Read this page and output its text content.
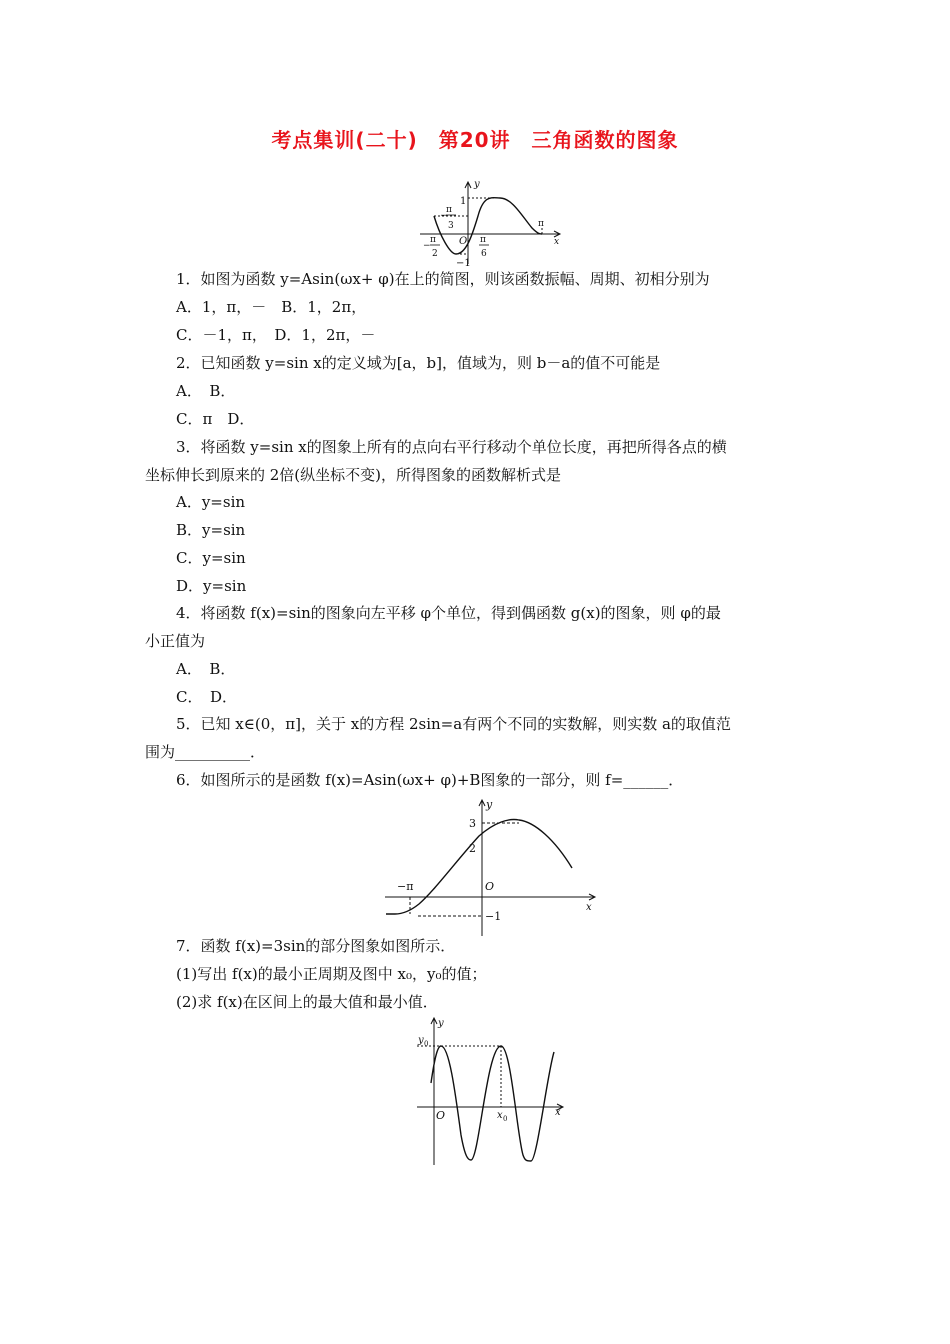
考点集训(二十)　第20讲　三角函数的图象
y
x
1
−1
O
π
3
−
π
2
−
π
6
π
1．如图为函数 y=Asin(ωx+ φ)在上的简图，则该函数振幅、周期、初相分别为
A．1，π，－　B．1，2π，
C．－1，π，　D．1，2π，－
2．已知函数 y=sin x的定义域为[a，b]，值域为，则 b－a的值不可能是
A．　B．
C．π　D．
3．将函数 y=sin x的图象上所有的点向右平行移动个单位长度，再把所得各点的横
坐标伸长到原来的 2倍(纵坐标不变)，所得图象的函数解析式是
A．y=sin
B．y=sin
C．y=sin
D．y=sin
4．将函数 f(x)=sin的图象向左平移 φ个单位，得到偶函数 g(x)的图象，则 φ的最
小正值为
A．　B．
C．　D．
5．已知 x∈(0，π]，关于 x的方程 2sin=a有两个不同的实数解，则实数 a的取值范
围为__________．
6．如图所示的是函数 f(x)=Asin(ωx+ φ)+B图象的一部分，则 f=______．
y
x
3
2
−1
O
−π
7．函数 f(x)=3sin的部分图象如图所示．
(1)写出 f(x)的最小正周期及图中 x₀，y₀的值；
(2)求 f(x)在区间上的最大值和最小值．
y
x
y 0
x 0
O
